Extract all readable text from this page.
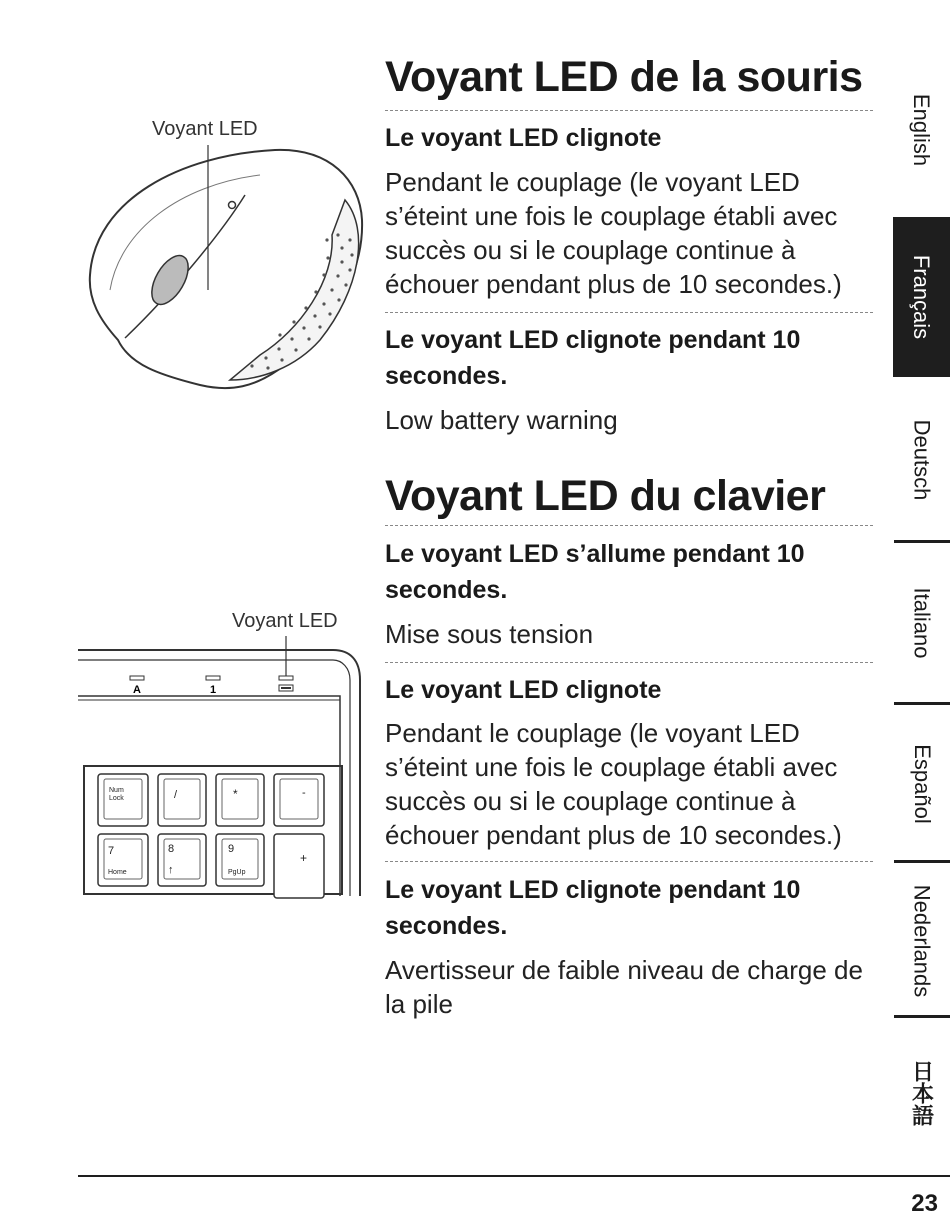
Voyant LED
Voyant LED
A	1
Num
Lock	/	*	-
7
Home
8
↑
9
PgUp
+
Voyant LED de la souris
Le voyant LED clignote
Pendant le couplage (le voyant LED s’éteint une fois le couplage établi avec succès ou si le couplage continue à échouer pendant plus de 10 secondes.)
Le voyant LED clignote pendant 10 secondes.
Low battery warning
Voyant LED du clavier
Le voyant LED s’allume pendant 10 secondes.
Mise sous tension
Le voyant LED clignote
Pendant le couplage (le voyant LED s’éteint une fois le couplage établi avec succès ou si le couplage continue à échouer pendant plus de 10 secondes.)
Le voyant LED clignote pendant 10 secondes.
Avertisseur de faible niveau de charge de la pile
English
Français
Deutsch
Italiano
Español
Nederlands
日本語
23
